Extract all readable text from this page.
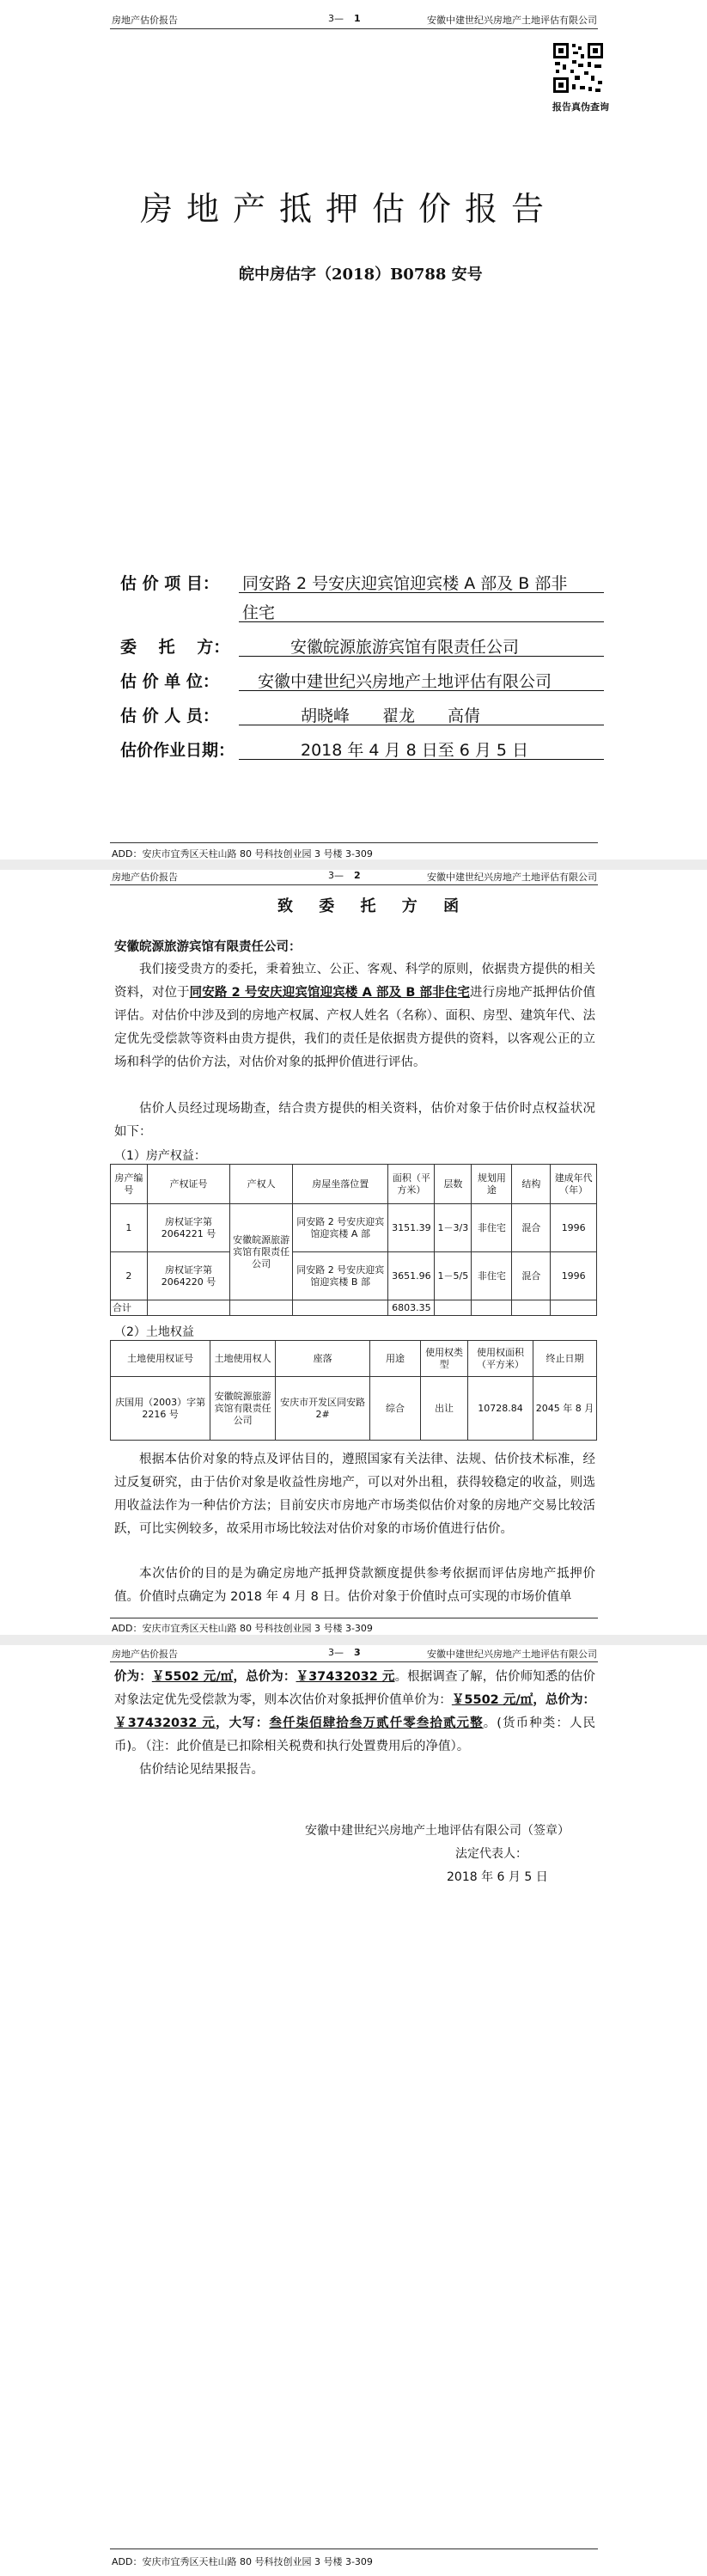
房地产估价报告	3— 1	安徽中建世纪兴房地产土地评估有限公司
报告真伪查询
房地产抵押估价报告
皖中房估字（2018）B0788 安号
估 价 项 目： 同安路 2 号安庆迎宾馆迎宾楼 A 部及 B 部非
住宅
委　 托　 方：	安徽皖源旅游宾馆有限责任公司
估 价 单 位： 安徽中建世纪兴房地产土地评估有限公司
估 价 人 员：	胡晓峰　　翟龙　　高倩
估价作业日期：	2018 年 4 月 8 日至 6 月 5 日
ADD：安庆市宜秀区天柱山路 80 号科技创业园 3 号楼 3-309
房地产估价报告	3— 2	安徽中建世纪兴房地产土地评估有限公司
致 委 托 方 函
安徽皖源旅游宾馆有限责任公司：

我们接受贵方的委托，秉着独立、公正、客观、科学的原则，依据贵方提供的相关资料，对位于同安路 2 号安庆迎宾馆迎宾楼 A 部及 B 部非住宅进行房地产抵押估价值评估。对估价中涉及到的房地产权属、产权人姓名（名称）、面积、房型、建筑年代、法定优先受偿款等资料由贵方提供，我们的责任是依据贵方提供的资料，以客观公正的立场和科学的估价方法，对估价对象的抵押价值进行评估。

估价人员经过现场勘查，结合贵方提供的相关资料，估价对象于估价时点权益状况如下：

（1）房产权益：
房产编号	产权证号	产权人	房屋坐落位置	面积（平方米）	层数	规划用途	结构	建成年代（年）
1	房权证字第 2064221 号	安徽皖源旅游宾馆有限责任公司	同安路 2 号安庆迎宾馆迎宾楼 A 部	3151.39	1－3/3	非住宅	混合	1996
2	房权证字第 2064220 号		同安路 2 号安庆迎宾馆迎宾楼 B 部	3651.96	1－5/5	非住宅	混合	1996
合计				6803.35				
（2）土地权益
土地使用权证号	土地使用权人	座落	用途	使用权类型	使用权面积（平方米）	终止日期
庆国用（2003）字第 2216 号	安徽皖源旅游宾馆有限责任公司	安庆市开发区同安路 2#	综合	出让	10728.84	2045 年 8 月

根据本估价对象的特点及评估目的，遵照国家有关法律、法规、估价技术标准，经过反复研究，由于估价对象是收益性房地产，可以对外出租，获得较稳定的收益，则选用收益法作为一种估价方法；目前安庆市房地产市场类似估价对象的房地产交易比较活跃，可比实例较多，故采用市场比较法对估价对象的市场价值进行估价。

本次估价的目的是为确定房地产抵押贷款额度提供参考依据而评估房地产抵押价值。价值时点确定为 2018 年 4 月 8 日。估价对象于价值时点可实现的市场价值单

ADD：安庆市宜秀区天柱山路 80 号科技创业园 3 号楼 3-309
房地产估价报告	3— 3	安徽中建世纪兴房地产土地评估有限公司

价为：￥5502 元/㎡，总价为：￥37432032 元。根据调查了解，估价师知悉的估价对象法定优先受偿款为零，则本次估价对象抵押价值单价为：￥5502 元/㎡，总价为：￥37432032 元，大写：叁仟柒佰肆拾叁万贰仟零叁拾贰元整。(货币种类：人民币)。

（注：此价值是已扣除相关税费和执行处置费用后的净值）。

估价结论见结果报告。

安徽中建世纪兴房地产土地评估有限公司（签章）
法定代表人：
2018 年 6 月 5 日
ADD：安庆市宜秀区天柱山路 80 号科技创业园 3 号楼 3-309
